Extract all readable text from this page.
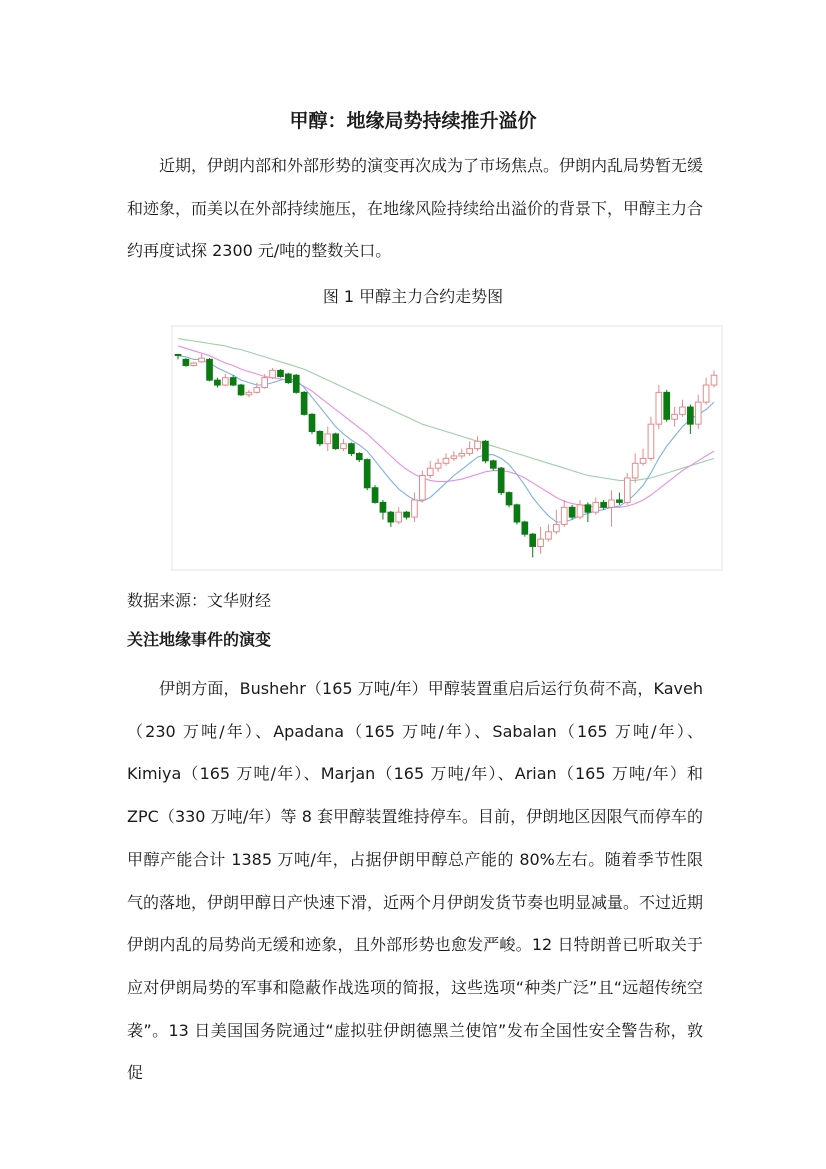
甲醇：地缘局势持续推升溢价

近期，伊朗内部和外部形势的演变再次成为了市场焦点。伊朗内乱局势暂无缓和迹象，而美以在外部持续施压，在地缘风险持续给出溢价的背景下，甲醇主力合约再度试探 2300 元/吨的整数关口。

图 1 甲醇主力合约走势图
数据来源：文华财经
关注地缘事件的演变

伊朗方面，Bushehr（165 万吨/年）甲醇装置重启后运行负荷不高，Kaveh（230 万吨/年）、Apadana（165 万吨/年）、Sabalan（165 万吨/年）、Kimiya（165 万吨/年）、Marjan（165 万吨/年）、Arian（165 万吨/年）和 ZPC（330 万吨/年）等 8 套甲醇装置维持停车。目前，伊朗地区因限气而停车的甲醇产能合计 1385 万吨/年，占据伊朗甲醇总产能的 80%左右。随着季节性限气的落地，伊朗甲醇日产快速下滑，近两个月伊朗发货节奏也明显减量。不过近期伊朗内乱的局势尚无缓和迹象，且外部形势也愈发严峻。12 日特朗普已听取关于应对伊朗局势的军事和隐蔽作战选项的简报，这些选项“种类广泛”且“远超传统空袭”。13 日美国国务院通过“虚拟驻伊朗德黑兰使馆”发布全国性安全警告称，敦促
